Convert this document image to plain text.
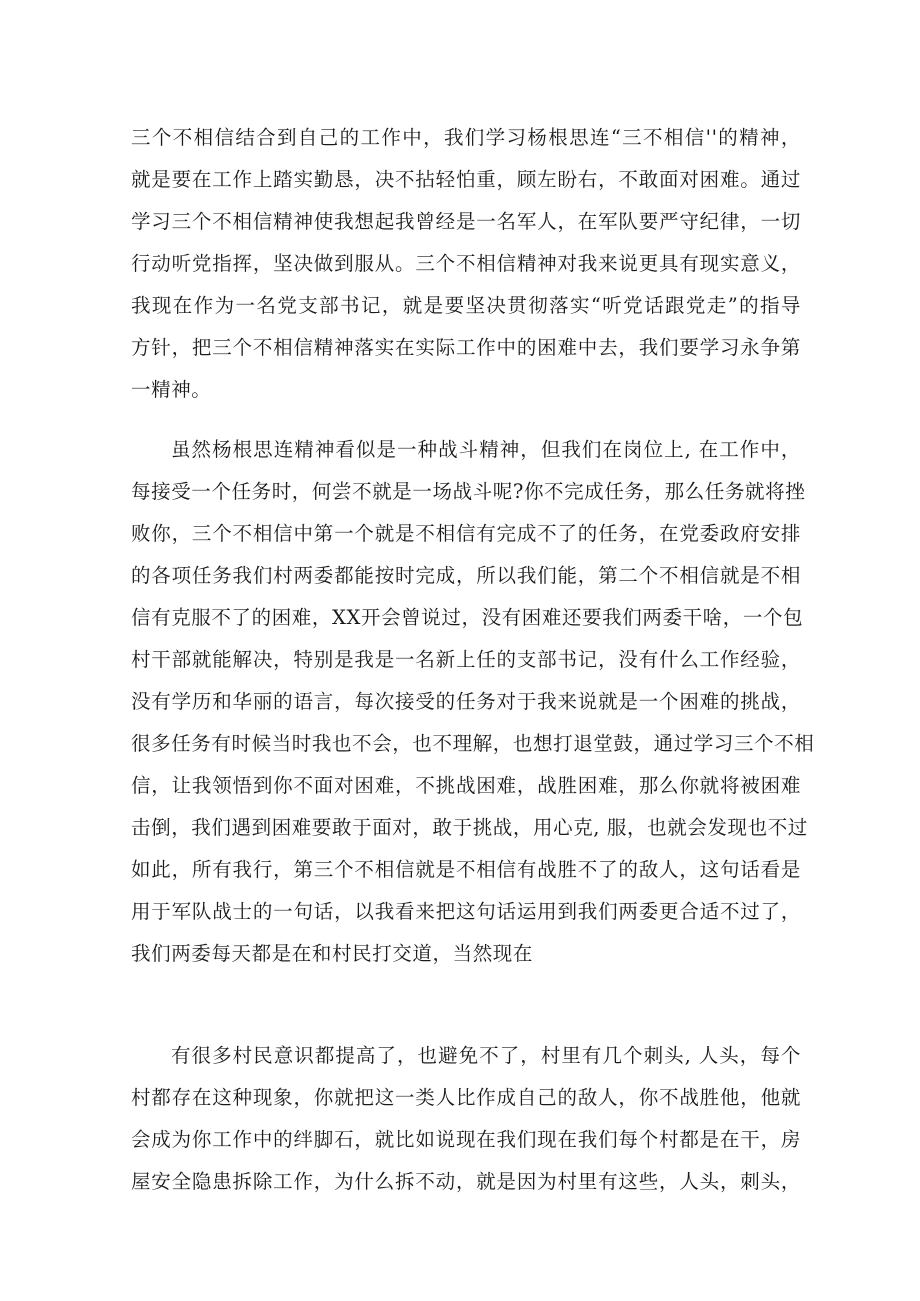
三个不相信结合到自己的工作中，我们学习杨根思连“三不相信''的精神，
就是要在工作上踏实勤恳，决不拈轻怕重，顾左盼右，不敢面对困难。通过
学习三个不相信精神使我想起我曾经是一名军人，在军队要严守纪律，一切
行动听党指挥，坚决做到服从。三个不相信精神对我来说更具有现实意义，
我现在作为一名党支部书记，就是要坚决贯彻落实“听党话跟党走”的指导
方针，把三个不相信精神落实在实际工作中的困难中去，我们要学习永争第
一精神。
虽然杨根思连精神看似是一种战斗精神，但我们在岗位上, 在工作中，
每接受一个任务时，何尝不就是一场战斗呢?你不完成任务，那么任务就将挫
败你，三个不相信中第一个就是不相信有完成不了的任务，在党委政府安排
的各项任务我们村两委都能按时完成，所以我们能，第二个不相信就是不相
信有克服不了的困难，XX开会曾说过，没有困难还要我们两委干啥，一个包
村干部就能解决，特别是我是一名新上任的支部书记，没有什么工作经验，
没有学历和华丽的语言，每次接受的任务对于我来说就是一个困难的挑战，
很多任务有时候当时我也不会，也不理解，也想打退堂鼓，通过学习三个不相
信，让我领悟到你不面对困难，不挑战困难，战胜困难，那么你就将被困难
击倒，我们遇到困难要敢于面对，敢于挑战，用心克, 服，也就会发现也不过
如此，所有我行，第三个不相信就是不相信有战胜不了的敌人，这句话看是
用于军队战士的一句话，以我看来把这句话运用到我们两委更合适不过了，
我们两委每天都是在和村民打交道，当然现在
有很多村民意识都提高了，也避免不了，村里有几个刺头, 人头，每个
村都存在这种现象，你就把这一类人比作成自己的敌人，你不战胜他，他就
会成为你工作中的绊脚石，就比如说现在我们现在我们每个村都是在干，房
屋安全隐患拆除工作，为什么拆不动，就是因为村里有这些，人头，刺头，
